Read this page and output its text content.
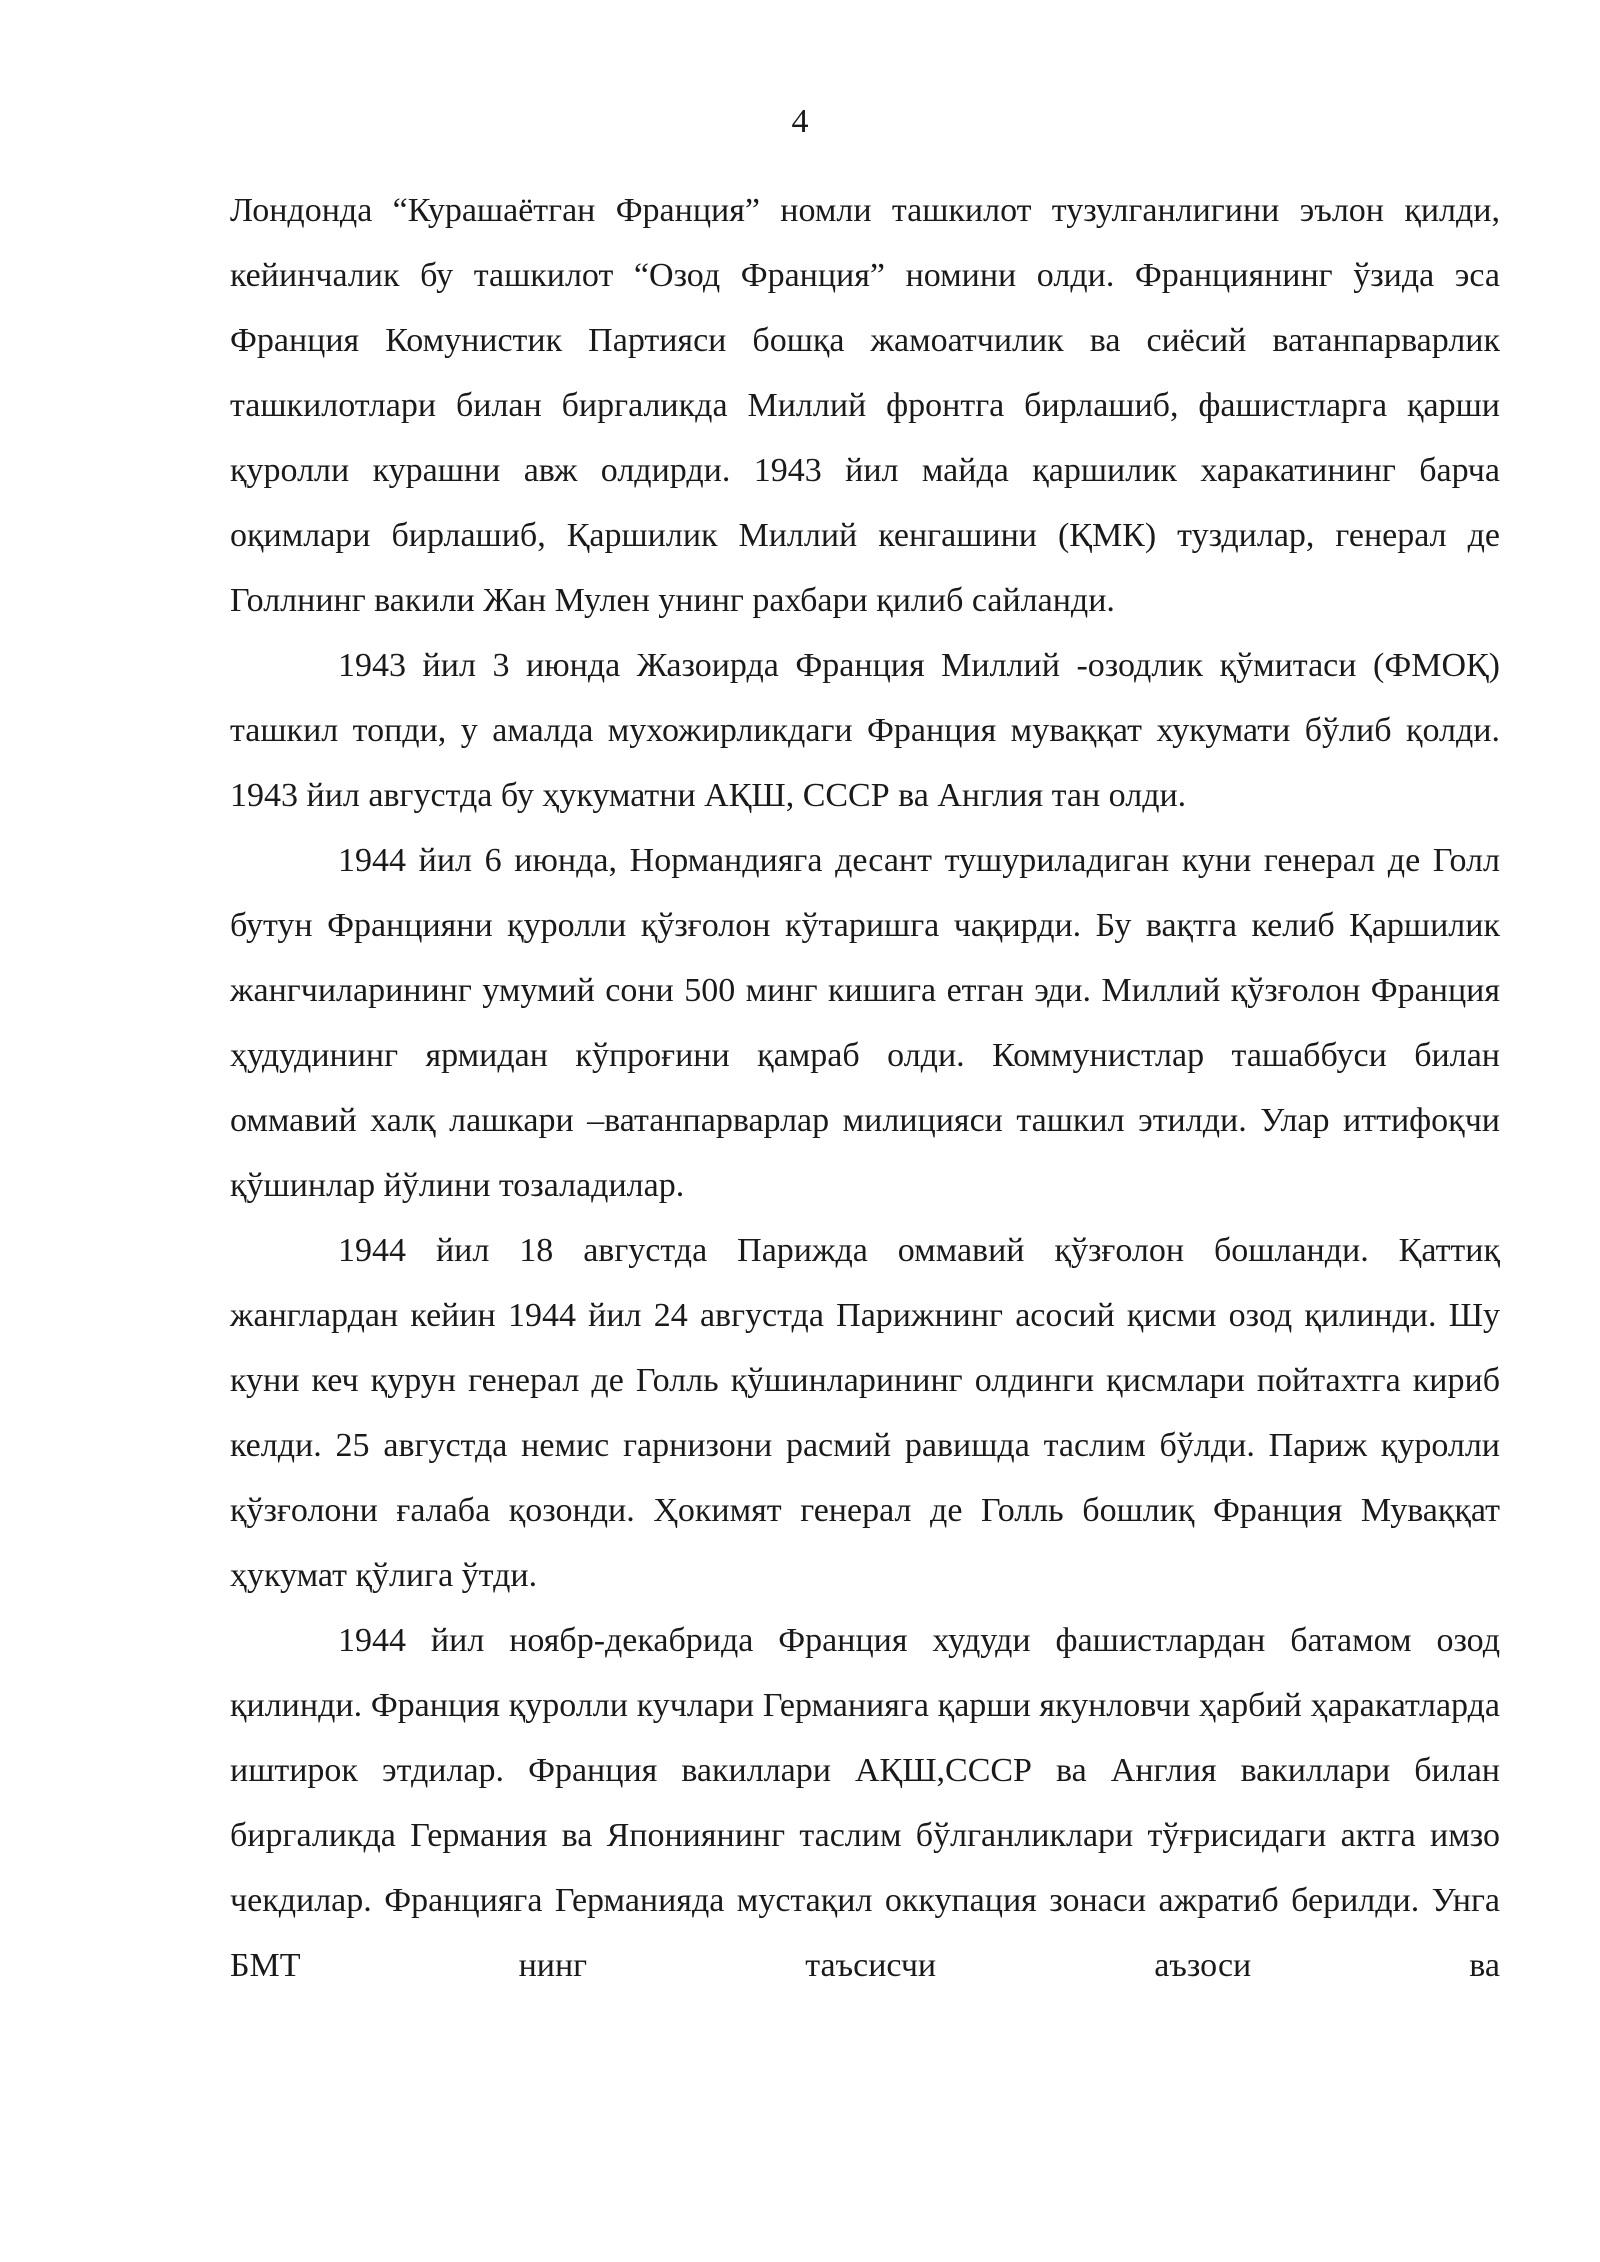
4

Лондонда “Курашаётган Франция” номли ташкилот тузулганлигини эълон қилди, кейинчалик бу ташкилот “Озод Франция” номини олди. Франциянинг ўзида эса Франция Комунистик Партияси бошқа жамоатчилик ва сиёсий ватанпарварлик ташкилотлари билан биргаликда Миллий фронтга бирлашиб, фашистларга қарши қуролли курашни авж олдирди. 1943 йил майда қаршилик харакатининг барча оқимлари бирлашиб, Қаршилик Миллий кенгашини (ҚМК) туздилар, генерал де Голлнинг вакили Жан Мулен унинг рахбари қилиб сайланди.

1943 йил 3 июнда Жазоирда Франция Миллий -озодлик қўмитаси (ФМОҚ) ташкил топди, у амалда мухожирликдаги Франция муваққат хукумати бўлиб қолди. 1943 йил августда бу ҳукуматни АҚШ, СССР ва Англия тан олди.

1944 йил 6 июнда, Нормандияга десант тушуриладиган куни генерал де Голл бутун Францияни қуролли қўзғолон кўтаришга чақирди. Бу вақтга келиб Қаршилик жангчиларининг умумий сони 500 минг кишига етган эди. Миллий қўзғолон Франция ҳудудининг ярмидан кўпроғини қамраб олди. Коммунистлар ташаббуси билан оммавий халқ лашкари –ватанпарварлар милицияси ташкил этилди. Улар иттифоқчи қўшинлар йўлини тозаладилар.

1944 йил 18 августда Парижда оммавий қўзғолон бошланди. Қаттиқ жанглардан кейин 1944 йил 24 августда Парижнинг асосий қисми озод қилинди. Шу куни кеч қурун генерал де Голль қўшинларининг олдинги қисмлари пойтахтга кириб келди. 25 августда немис гарнизони расмий равишда таслим бўлди. Париж қуролли қўзғолони ғалаба қозонди. Ҳокимят генерал де Голль бошлиқ Франция Муваққат ҳукумат қўлига ўтди.

1944 йил ноябр-декабрида Франция худуди фашистлардан батамом озод қилинди. Франция қуролли кучлари Германияга қарши якунловчи ҳарбий ҳаракатларда иштирок этдилар. Франция вакиллари АҚШ,СССР ва Англия вакиллари билан биргаликда Германия ва Япониянинг таслим бўлганликлари тўғрисидаги актга имзо чекдилар. Францияга Германияда мустақил оккупация зонаси ажратиб берилди. Унга БМТ нинг таъсисчи аъзоси ва
